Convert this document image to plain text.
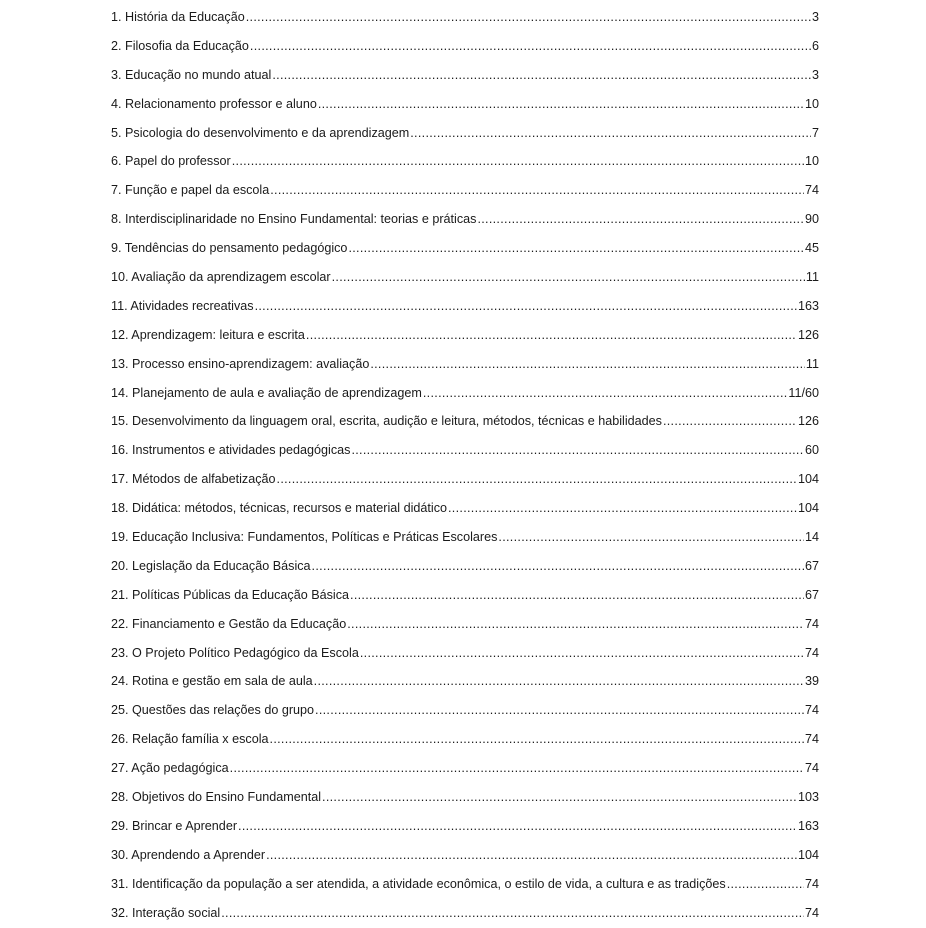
1. História da Educação .....	3
2. Filosofia da Educação .....	6
3. Educação no mundo atual .....	3
4. Relacionamento professor e aluno .....	10
5. Psicologia do desenvolvimento e da aprendizagem .....	7
6. Papel do professor .....	10
7. Função e papel da escola .....	74
8. Interdisciplinaridade no Ensino Fundamental: teorias e práticas .....	90
9. Tendências do pensamento pedagógico .....	45
10. Avaliação da aprendizagem escolar .....	11
11. Atividades recreativas .....	163
12. Aprendizagem: leitura e escrita .....	126
13. Processo ensino-aprendizagem: avaliação .....	11
14. Planejamento de aula e avaliação de aprendizagem .....	11/60
15. Desenvolvimento da linguagem oral, escrita, audição e leitura, métodos, técnicas e habilidades .....	126
16. Instrumentos e atividades pedagógicas .....	60
17. Métodos de alfabetização .....	104
18. Didática: métodos, técnicas, recursos e material didático .....	104
19. Educação Inclusiva: Fundamentos, Políticas e Práticas Escolares .....	14
20. Legislação da Educação Básica .....	67
21. Políticas Públicas da Educação Básica .....	67
22. Financiamento e Gestão da Educação .....	74
23. O Projeto Político Pedagógico da Escola .....	74
24. Rotina e gestão em sala de aula .....	39
25. Questões das relações do grupo .....	74
26. Relação família x escola .....	74
27. Ação pedagógica .....	74
28. Objetivos do Ensino Fundamental .....	103
29. Brincar e Aprender .....	163
30. Aprendendo a Aprender .....	104
31. Identificação da população a ser atendida, a atividade econômica, o estilo de vida, a cultura e as tradições .....	74
32. Interação social .....	74
